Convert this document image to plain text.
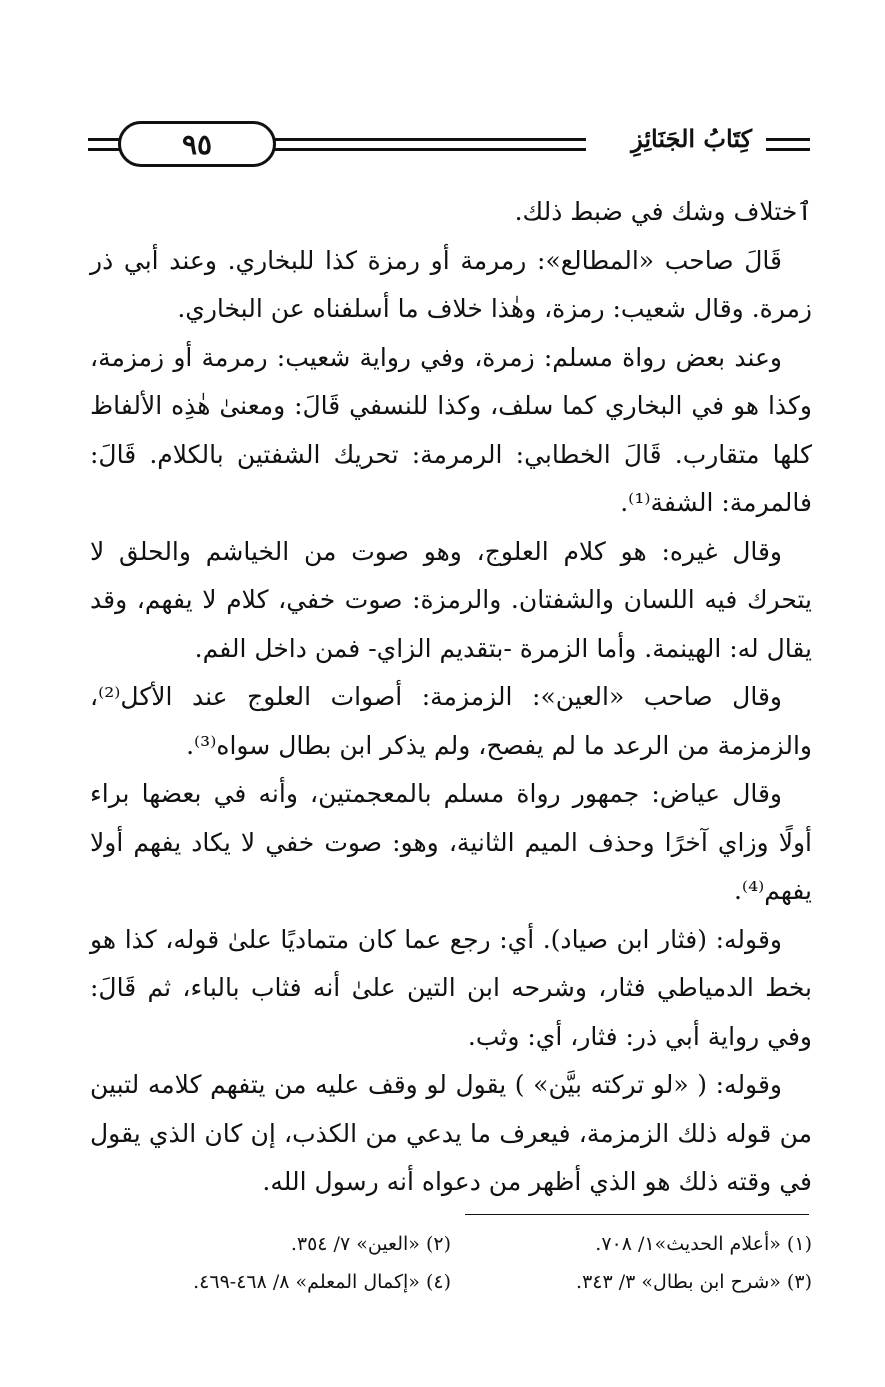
٩٥	كِتَابُ الجَنَائِزِ

ٱختلاف وشك في ضبط ذلك.

قَالَ صاحب «المطالع»: رمرمة أو رمزة كذا للبخاري. وعند أبي ذر زمرة. وقال شعيب: رمزة، وهٰذا خلاف ما أسلفناه عن البخاري.

وعند بعض رواة مسلم: زمرة، وفي رواية شعيب: رمرمة أو زمزمة، وكذا هو في البخاري كما سلف، وكذا للنسفي قَالَ: ومعنىٰ هٰذِه الألفاظ كلها متقارب. قَالَ الخطابي: الرمرمة: تحريك الشفتين بالكلام. قَالَ: فالمرمة: الشفة⁽¹⁾.

وقال غيره: هو كلام العلوج، وهو صوت من الخياشم والحلق لا يتحرك فيه اللسان والشفتان. والرمزة: صوت خفي، كلام لا يفهم، وقد يقال له: الهينمة. وأما الزمرة -بتقديم الزاي- فمن داخل الفم.

وقال صاحب «العين»: الزمزمة: أصوات العلوج عند الأكل⁽²⁾، والزمزمة من الرعد ما لم يفصح، ولم يذكر ابن بطال سواه⁽³⁾.

وقال عياض: جمهور رواة مسلم بالمعجمتين، وأنه في بعضها براء أولًا وزاي آخرًا وحذف الميم الثانية، وهو: صوت خفي لا يكاد يفهم أولا يفهم⁽⁴⁾.

وقوله: (فثار ابن صياد). أي: رجع عما كان متماديًا علىٰ قوله، كذا هو بخط الدمياطي فثار، وشرحه ابن التين علىٰ أنه فثاب بالباء، ثم قَالَ: وفي رواية أبي ذر: فثار، أي: وثب.

وقوله: ( «لو تركته بيَّن» ) يقول لو وقف عليه من يتفهم كلامه لتبين من قوله ذلك الزمزمة، فيعرف ما يدعي من الكذب، إن كان الذي يقول في وقته ذلك هو الذي أظهر من دعواه أنه رسول الله.

(١) «أعلام الحديث»١/ ٧٠٨.
(٢) «العين» ٧/ ٣٥٤.
(٣) «شرح ابن بطال» ٣/ ٣٤٣.
(٤) «إكمال المعلم» ٨/ ٤٦٨-٤٦٩.
